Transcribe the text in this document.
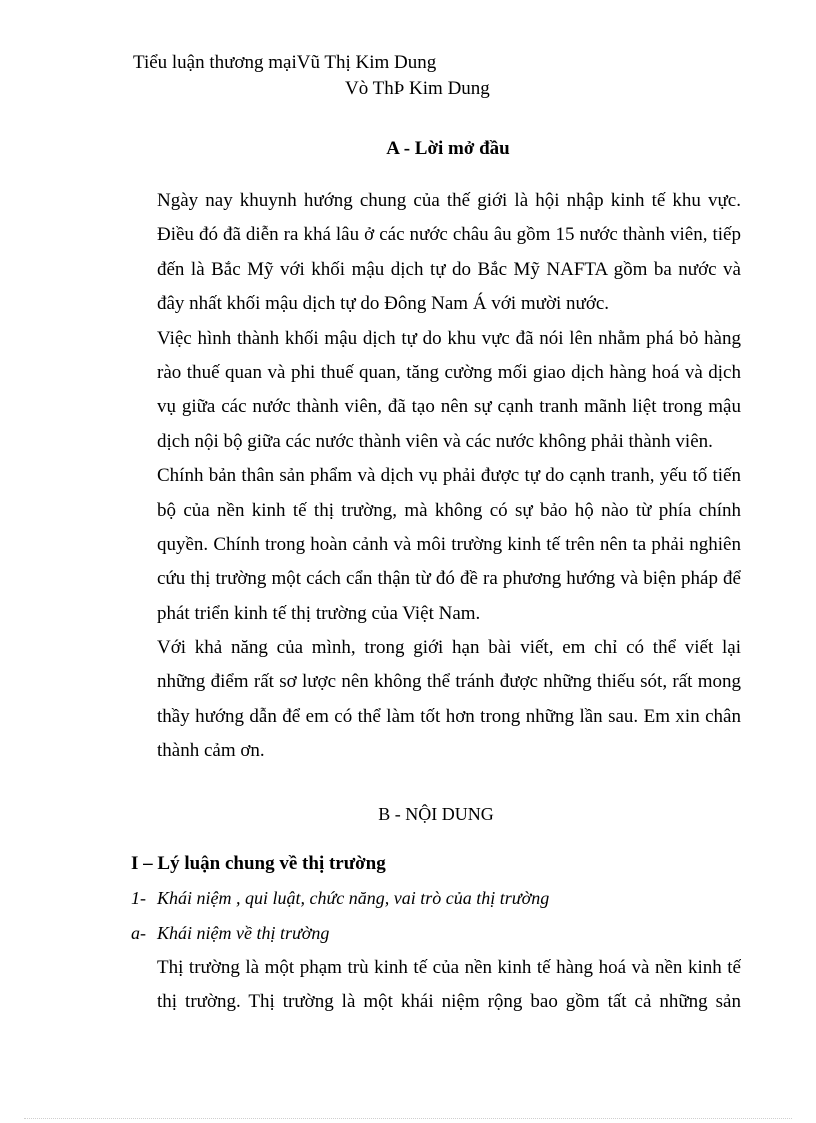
Tiểu luận thương mạiVũ Thị Kim Dung
Vò ThÞ Kim Dung
A - Lời mở đầu
Ngày nay khuynh hướng chung của thế giới là hội nhập kinh tế khu vực.
Điều đó đã diễn ra khá lâu ở các nước châu âu gồm 15 nước thành viên, tiếp
đến là Bắc Mỹ với khối mậu dịch tự do Bắc Mỹ NAFTA gồm ba nước và
đây nhất khối mậu dịch tự do Đông Nam Á với mười nước.
Việc hình thành khối mậu dịch tự do khu vực đã nói lên nhằm phá bỏ hàng
rào thuế quan và phi thuế quan, tăng cường mối giao dịch hàng hoá và dịch
vụ giữa các nước thành viên, đã tạo nên sự cạnh tranh mãnh liệt trong mậu
dịch nội bộ giữa các nước thành viên và các nước không phải thành viên.
Chính bản thân sản phẩm và dịch vụ phải được tự do cạnh tranh, yếu tố tiến
bộ của nền kinh tế thị trường, mà không có sự bảo hộ nào từ phía chính
quyền. Chính trong hoàn cảnh và môi trường kinh tế trên nên ta phải nghiên
cứu thị trường một cách cẩn thận từ đó đề ra phương hướng và biện pháp để
phát triển kinh tế thị trường của Việt Nam.
Với khả năng của mình, trong giới hạn bài viết, em chỉ có thể viết lại
những điểm rất sơ lược nên không thể tránh được những thiếu sót, rất mong
thầy hướng dẫn để em có thể làm tốt hơn trong những lần sau. Em xin chân
thành cảm ơn.
B - NỘI DUNG
I – Lý luận chung về thị trường
1- Khái niệm , qui luật, chức năng, vai trò của thị trường
a- Khái niệm về thị trường
Thị trường là một phạm trù kinh tế của nền kinh tế hàng hoá và nền kinh tế
thị trường. Thị trường là một khái niệm rộng bao gồm tất cả những sản
